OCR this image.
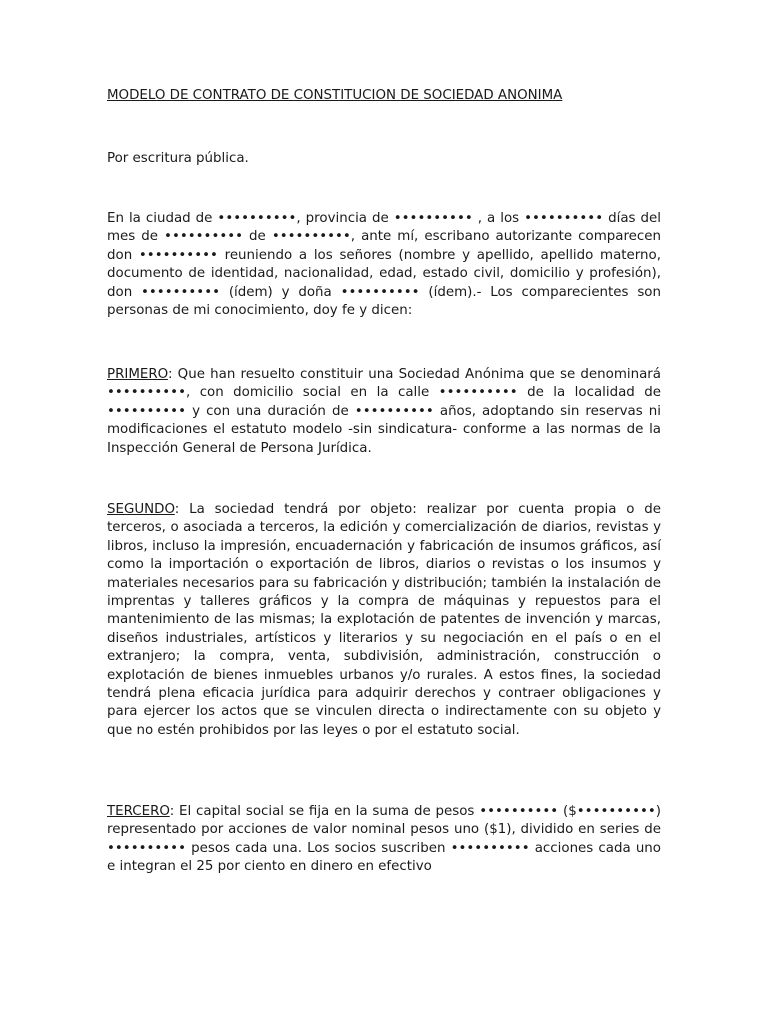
MODELO DE CONTRATO DE CONSTITUCION DE SOCIEDAD ANONIMA

Por escritura pública.

En la ciudad de ••••••••••, provincia de •••••••••• , a los •••••••••• días del mes de •••••••••• de ••••••••••, ante mí, escribano autorizante comparecen don •••••••••• reuniendo a los señores (nombre y apellido, apellido materno, documento de identidad, nacionalidad, edad, estado civil, domicilio y profesión), don •••••••••• (ídem) y doña •••••••••• (ídem).- Los comparecientes son personas de mi conocimiento, doy fe y dicen:

PRIMERO: Que han resuelto constituir una Sociedad Anónima que se denominará ••••••••••, con domicilio social en la calle •••••••••• de la localidad de •••••••••• y con una duración de •••••••••• años, adoptando sin reservas ni modificaciones el estatuto modelo -sin sindicatura- conforme a las normas de la Inspección General de Persona Jurídica.

SEGUNDO: La sociedad tendrá por objeto: realizar por cuenta propia o de terceros, o asociada a terceros, la edición y comercialización de diarios, revistas y libros, incluso la impresión, encuadernación y fabricación de insumos gráficos, así como la importación o exportación de libros, diarios o revistas o los insumos y materiales necesarios para su fabricación y distribución; también la instalación de imprentas y talleres gráficos y la compra de máquinas y repuestos para el mantenimiento de las mismas; la explotación de patentes de invención y marcas, diseños industriales, artísticos y literarios y su negociación en el país o en el extranjero; la compra, venta, subdivisión, administración, construcción o explotación de bienes inmuebles urbanos y/o rurales. A estos fines, la sociedad tendrá plena eficacia jurídica para adquirir derechos y contraer obligaciones y para ejercer los actos que se vinculen directa o indirectamente con su objeto y que no estén prohibidos por las leyes o por el estatuto social.

TERCERO: El capital social se fija en la suma de pesos •••••••••• ($••••••••••) representado por acciones de valor nominal pesos uno ($1), dividido en series de •••••••••• pesos cada una. Los socios suscriben •••••••••• acciones cada uno e integran el 25 por ciento en dinero en efectivo
